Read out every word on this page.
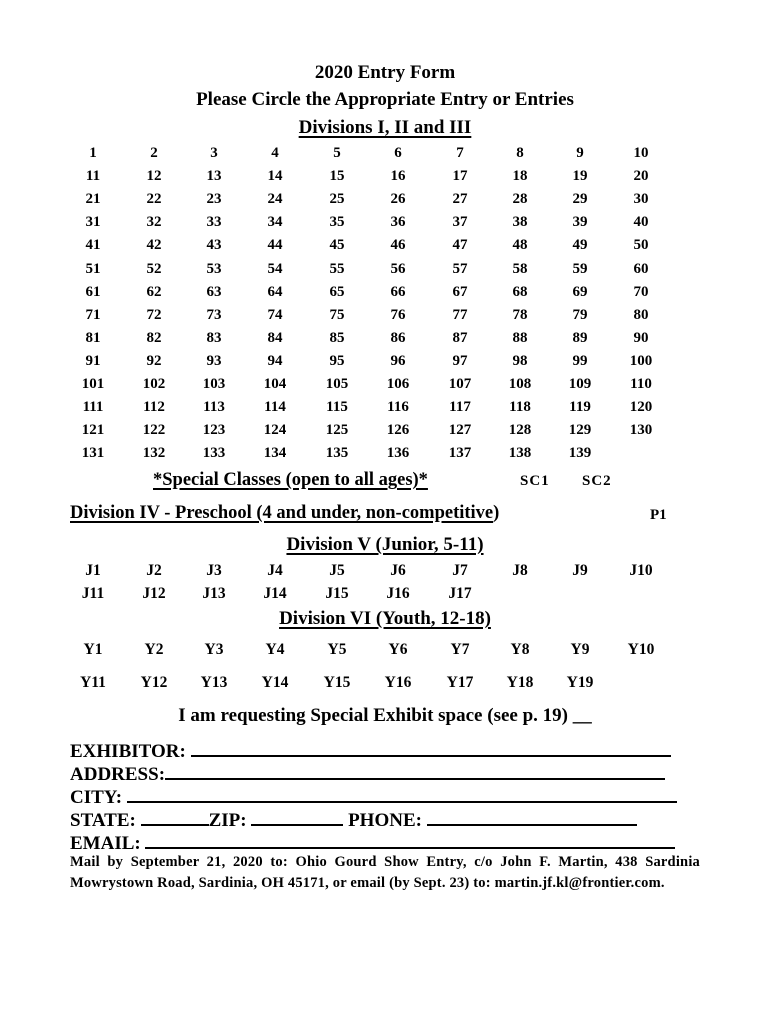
2020 Entry Form
Please Circle the Appropriate Entry or Entries
Divisions I, II and III
1	2	3	4	5	6	7	8	9	10
11	12	13	14	15	16	17	18	19	20
21	22	23	24	25	26	27	28	29	30
31	32	33	34	35	36	37	38	39	40
41	42	43	44	45	46	47	48	49	50
51	52	53	54	55	56	57	58	59	60
61	62	63	64	65	66	67	68	69	70
71	72	73	74	75	76	77	78	79	80
81	82	83	84	85	86	87	88	89	90
91	92	93	94	95	96	97	98	99	100
101	102	103	104	105	106	107	108	109	110
111	112	113	114	115	116	117	118	119	120
121	122	123	124	125	126	127	128	129	130
131	132	133	134	135	136	137	138	139
*Special Classes (open to all ages)*	SC1 SC2
Division IV - Preschool (4 and under, non-competitive)	P1
Division V (Junior, 5-11)
J1	J2	J3	J4	J5	J6	J7	J8	J9	J10
J11	J12	J13	J14	J15	J16	J17
Division VI (Youth, 12-18)
Y1	Y2	Y3	Y4	Y5	Y6	Y7	Y8	Y9	Y10
Y11	Y12	Y13	Y14	Y15	Y16	Y17	Y18	Y19
I am requesting Special Exhibit space (see p. 19) __
EXHIBITOR:
ADDRESS:
CITY:
STATE:	ZIP:	PHONE:
EMAIL:
Mail by September 21, 2020 to: Ohio Gourd Show Entry, c/o John F. Martin, 438 Sardinia Mowrystown Road, Sardinia, OH 45171, or email (by Sept. 23) to: martin.jf.kl@frontier.com.
